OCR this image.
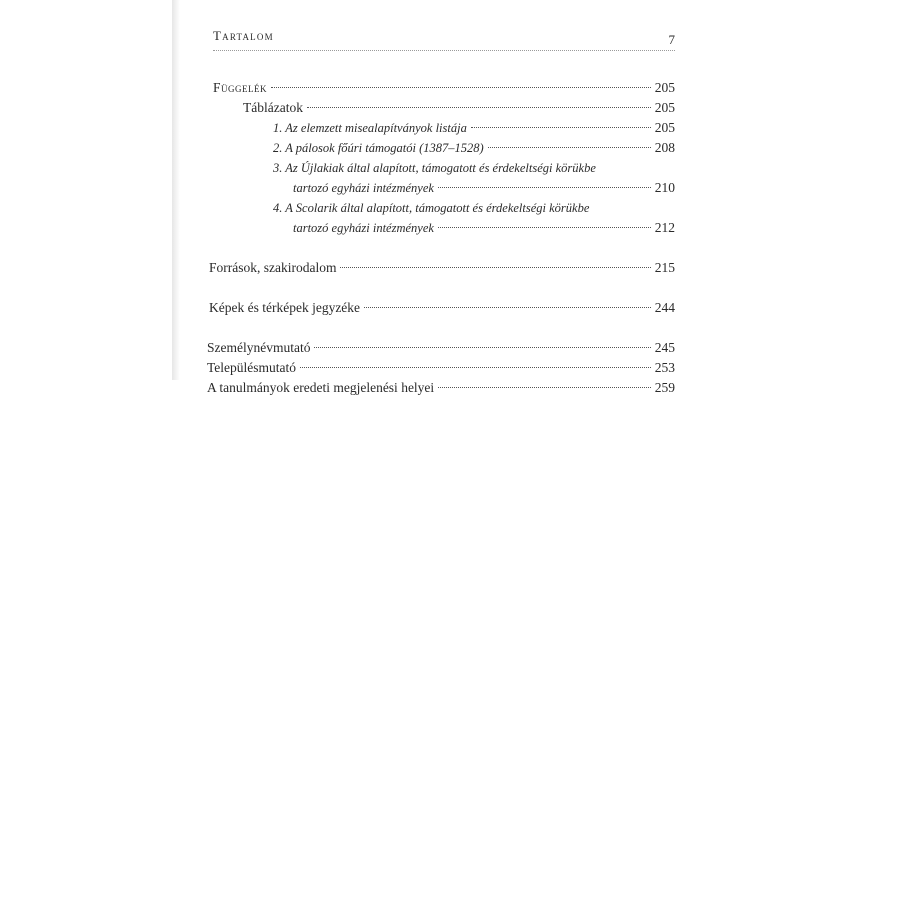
Tartalom	7
Függelék	205
Táblázatok	205
1. Az elemzett misealapítványok listája	205
2. A pálosok főúri támogatói (1387–1528)	208
3. Az Újlakiak által alapított, támogatott és érdekeltségi körükbe
tartozó egyházi intézmények	210
4. A Scolarik által alapított, támogatott és érdekeltségi körükbe
tartozó egyházi intézmények	212
Források, szakirodalom	215
Képek és térképek jegyzéke	244
Személynévmutató	245
Településmutató	253
A tanulmányok eredeti megjelenési helyei	259
